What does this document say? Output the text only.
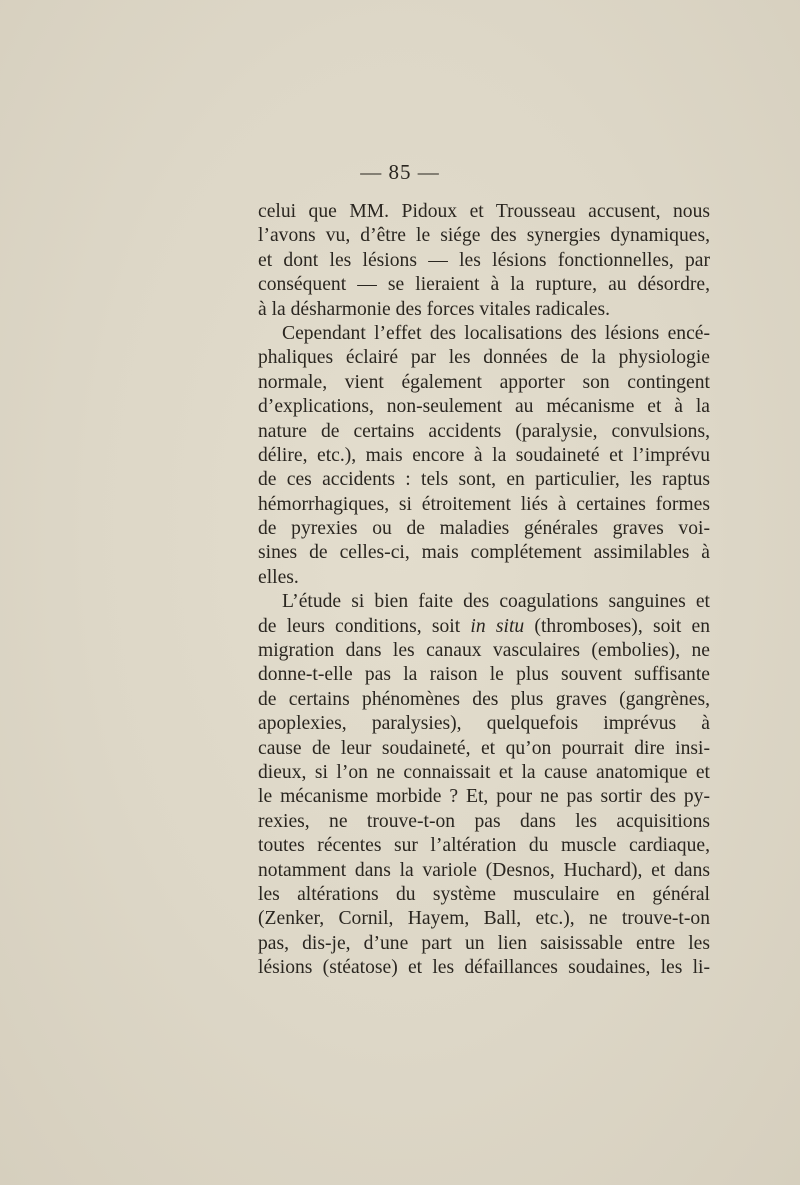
— 85 —
celui que MM. Pidoux et Trousseau accusent, nous
l’avons vu, d’être le siége des synergies dynamiques,
et dont les lésions — les lésions fonctionnelles, par
conséquent — se lieraient à la rupture, au désordre,
à la désharmonie des forces vitales radicales.
Cependant l’effet des localisations des lésions encé-
phaliques éclairé par les données de la physiologie
normale, vient également apporter son contingent
d’explications, non-seulement au mécanisme et à la
nature de certains accidents (paralysie, convulsions,
délire, etc.), mais encore à la soudaineté et l’imprévu
de ces accidents : tels sont, en particulier, les raptus
hémorrhagiques, si étroitement liés à certaines formes
de pyrexies ou de maladies générales graves voi-
sines de celles-ci, mais complétement assimilables à
elles.
L’étude si bien faite des coagulations sanguines et
de leurs conditions, soit in situ (thromboses), soit en
migration dans les canaux vasculaires (embolies), ne
donne-t-elle pas la raison le plus souvent suffisante
de certains phénomènes des plus graves (gangrènes,
apoplexies, paralysies), quelquefois imprévus à
cause de leur soudaineté, et qu’on pourrait dire insi-
dieux, si l’on ne connaissait et la cause anatomique et
le mécanisme morbide ? Et, pour ne pas sortir des py-
rexies, ne trouve-t-on pas dans les acquisitions
toutes récentes sur l’altération du muscle cardiaque,
notamment dans la variole (Desnos, Huchard), et dans
les altérations du système musculaire en général
(Zenker, Cornil, Hayem, Ball, etc.), ne trouve-t-on
pas, dis-je, d’une part un lien saisissable entre les
lésions (stéatose) et les défaillances soudaines, les li-
